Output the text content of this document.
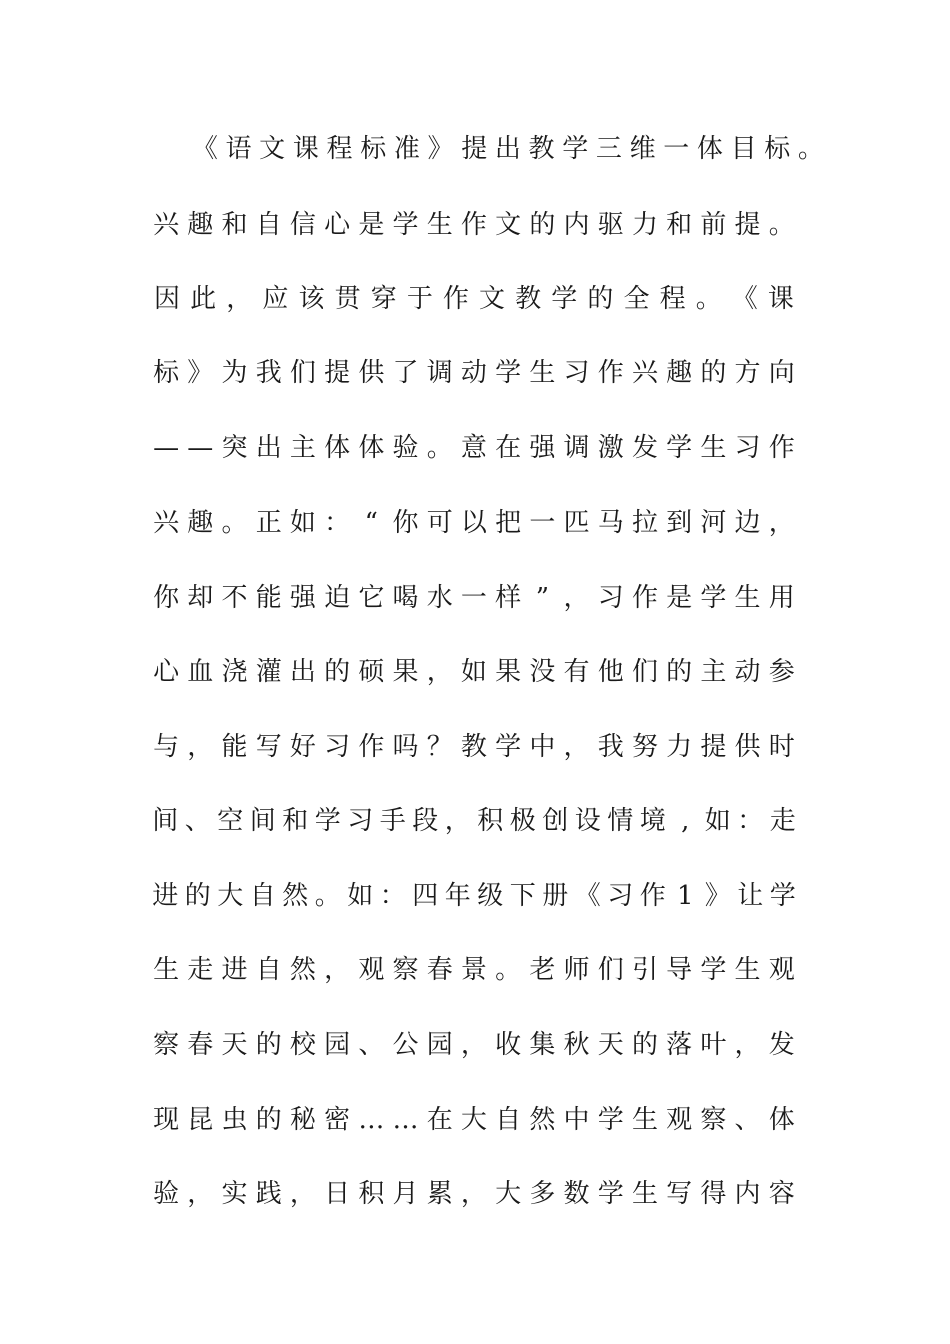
《 语 文 课 程 标 准 》 提 出 教 学 三 维 一 体 目 标 。
兴 趣 和 自 信 心 是 学 生 作 文 的 内 驱 力 和 前 提 。
因 此 ， 应 该 贯 穿 于 作 文 教 学 的 全 程 。 《 课
标 》 为 我 们 提 供 了 调 动 学 生 习 作 兴 趣 的 方 向
— — 突 出 主 体 体 验 。 意 在 强 调 激 发 学 生 习 作
兴 趣 。 正 如 ： “ 你 可 以 把 一 匹 马 拉 到 河 边 ，
你 却 不 能 强 迫 它 喝 水 一 样 ” ， 习 作 是 学 生 用
心 血 浇 灌 出 的 硕 果 ， 如 果 没 有 他 们 的 主 动 参
与 ， 能 写 好 习 作 吗 ？ 教 学 中 ， 我 努 力 提 供 时
间 、 空 间 和 学 习 手 段 ， 积 极 创 设 情 境 , 如 ： 走
进 的 大 自 然 。 如 ： 四 年 级 下 册 《 习 作 1 》 让 学
生 走 进 自 然 ， 观 察 春 景 。 老 师 们 引 导 学 生 观
察 春 天 的 校 园 、 公 园 ， 收 集 秋 天 的 落 叶 ， 发
现 昆 虫 的 秘 密 … … 在 大 自 然 中 学 生 观 察 、 体
验 ， 实 践 ， 日 积 月 累 ， 大 多 数 学 生 写 得 内 容
